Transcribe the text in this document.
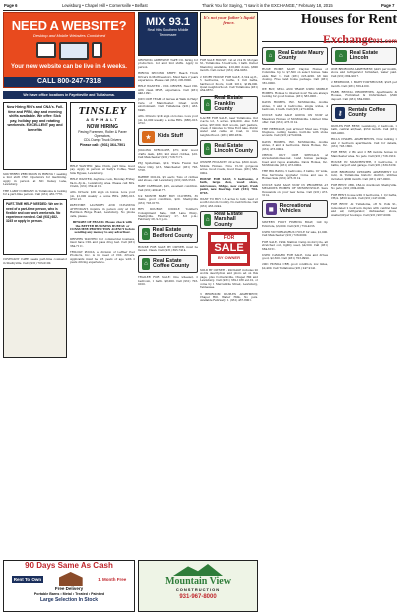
Page 6	Lewisburg • Chapel Hill • Cornersville • Belfast	Thank You for Saying, "I saw it in the EXCHANGE," February 18, 2015	Page 7
NEED A WEBSITE?
Desktop and Mobile Websites Combined
Your new website can be live in 4 weeks.
CALL 800-247-7318
We have office locations in Fayetteville and Tullahoma.
Now Hiring RN's and CNA's. Full-time and PRN, day and evening shifts available. We offer: Sick pay, holiday pay and rotating weekends. EXCELLENT pay and benefits
SOUTHERN PRECISION IS HIRING • seeking a 2nd shift CNC Operators for machining. Apply in person at 301 Kelsey Lane, Lewisburg.
THE LAMP COMPANY in Tullahoma is looking for a part-time person. Call (931) 455-7778.
PART-TIME HELP NEEDED: We are in need of a part-time person, who is flexible and can work weekends. No experience needed. Call (931) 682-3245 or apply in person.
COVENANT CARE seeks part-time counselor in Shelbyville. Call (931) 703-0100.
TINSLEY
ASPHALT
NOW HIRING
Paving Foremen, Roller & Paver Operators,
CDL Dump Truck Drivers
Please call: (931) 364-7501
HELP WANTED: Jake Chick, part time. Good pay. Apply in person at Sally's Coffee, West Side Bypass, Lewisburg.
HELP WANTED, daytime cook, Monday-Friday, 8a.m.-3p.m., Lewisburg area. Please call Mrs. Crabb, (931) 359-4112.
Attn. Drivers: $1K sign on bonus. Love your job. $1,000 weekly + some RWs. (888)-913-4722 x3.
PART-TIME LAUNDRY AND CLEANING ATTENDANT, inquire in person only at 120 Hardison Ridge Road, Lewisburg. No phone calls, please.
BEWARE OF FRAUD. Please check with the BETTER BUSINESS BUREAU or CONSUMER PROTECTION AGENCY before sending any money to any advertiser.
DRIVERS WANTED for commercial business, must have CDL and pass drug test. Call (931) 364-7111.
TRILOGY POOLS, a division of Leffner Pool Products, Inc. is in need of CDL drivers. Applicants must be 23 years of age with 2 years driving experience.
MIX 93.1
Real Hits Southern Middle Tennessee
GROWING ADHESIVE TAPE CO. hiring for production. 1st and 2nd shifts. Apply in person.
HIRING SECOND SHIFT: Beach Truck Drivers in Murfreesboro. Must have 2 years experience. Please call (931) 205-8000.
HELP WANTED - CDL DRIVER, Need CDL with clean MVR, experience. Call (931) 446-1091.
JOIN OUR TEAM of nurses at Walk in Help! Care of Manchester. Great work environment. Call Tullahoma (931) 453-6946.
Attn. Drivers: $1K sign on bonus. Love your job. $1,000 weekly + some RWs. (888)-913-4722.
★	Kids Stuff
JOGGING STROLLER, $75; kids' wood crafts desk, $30; kid sized clothes, $10. Call Manchester (931) 728-7171.
PSJ Spiderman, $12; Trade Fusion Set Show Only, $15, Manchester. (931) 728-5728.
BARBIE DOLLS, $5 each; Tons of clothes and shoes, call Lewisburg (931) 993-5516.
BABY CARRIAGE, $25, excellent condition. Call (931) 409-4177.
6-9 MONTH BABY BOY CLOTHES, 35 items, good condition, $20. Shelbyville (931) 703-0176.
HEY DOUBLE DIDDLE Toddler's Consignment Sale, 308 Lane Pkwy., Shelbyville. February 27, 8-6 p.m.; February 28, 9-3 p.m.
⌂
Real Estate Bedford County
HOUSE FOR SALE BY OWNER, must be moved. Clean. Call (931) 695-7414.
⌂
Real Estate Coffee County
TRAILER FOR SALE: One wheeled, 2 bedroom, 1 bath. $8,000. Call (931) 703-9100.
It's not your father's liquid fence.
FOR SALE HOUSE: 1st at 214 W. Morgan St., Tullahoma. 3 bedroom, 1 bath. Owner financing available, $10,000 down, $800 month. Call owner (931) 454-9932.
2 STORY HOUSE FOR SALE, 3,524 sq.ft., 5 bedrooms, 3 baths, 2 full baths, hardwood floors, built 2012, $199,000. Quiet neighborhood. Call Tullahoma (931) 434-9872.
⌂
Real Estate Franklin County
6-ACRE FOR SALE, near Tullahoma. Out 2-acre lot, 5 acres. $34,000. Also 6.83 acres, $67,000. Pert woods, part pasture, creek, 3 minutes to Tims Ford lake. Public water and cable at road, in nice neighborhood. (931) 968-9334.
⌂
Real Estate Lincoln County
OWNER FINANCE! 20 acres. $500 down. Mobile Homes. Nice 15-30 gorgeous acres. Good roads, Good trees. (931) 580-0004.
HOUSE FOR SALE, 3 bedrooms, 2 bath, large den, wood stove, microwave, fridge, new carpet, fresh paint, new flooring. Call (931) 704-8745.
WANT TO BUY 1-5 acres to rent, west or south Lincoln County. No restrictions. Call (931) 433-2244.
⌂
Real Estate Marshall County
FOR
SALE
BY OWNER
SOLD BY OWNER - PACKAGE includes 20 words description and photo ad on this page, plus Cornersville, Chapel Hill and Lewisburg. Call (931) 359-1188 ext.10, or come by 1 Mercantile Street, Lewisburg, Tennessee.
3 BEDROOM DUPLEX APARTMENT, Chapel Hill. Water Hills, No pets. Available February 1. (931) 437-8001.
Houses for Rent
Exchange931.com
⌂
Real Estate Maury County
HUGE HOME SALE! Clayton Homes of Columbia. Up to $7,500 on select homes. Sale ends Mar. 1. Call (931) 223-4200. $8 min closing. Free land home package. Call (931) 381-0000.
WE BUY, SELL AND TRADE USED MOBILE HOMES. Homes to interest now! We are always looking for good homes. (931) 583-0001.
DAVIS HOMES, INC. McMinnville, double wides, 3 and 4 bedrooms, single wides, 4 bedroom, 2 bath. Call (931) 473-0004.
UNCLE SAM SALE GOING ON NOW at Meadows Homes of McMinnville. Limited time offer. Call (931) 473-3114.
THE HERITAGE, just arrived! Must see. Triple fireplace, ceiling beams, built-ins with stone accents. Call (931) 473-0004.
DAVIS HOMES, INC. McMinnville, double wides, 3 and 4 bedrooms. Davis Homes, Inc. (931) 473-0004.
CHECK OUT OUR SPECIALS at www.davishomes.net. Land homes package. Used and repos available. Davis Homes, Inc. McMinnville (931) 473-0004.
THE BIG BANG, 5 bedrooms, 3 baths, 10' wide, free hurricane upgrade! Come and see it. Homes Sale (931) 473-3114.
UNCLE SAM SALE NOW IN PROGRESS AT MEADOWS HOMES OF MCMINNVILLE. Save thousands on your new home. Call (931) 473-3114.
◼
Recreational Vehicles
SIXTEEN FOOT FISHING BOAT, 140 hp Evinrude, $3,000. Call (931) 759-4233.
USED VICTORIAN/BUS CYCLE for sale, $1,900. Call Manchester (931) 728-0000.
FOR SALE, 1994 Stallion Camp motorcycle, all stretched out, lightly used, $4,500. Call (931) 684-6151.
USED CAMARO FOR SALE, runs and drives good, $2,500. Call (931) 703-9990.
2001 HONDA CBR, good condition, low miles, $2,400. Call Tullahoma (931) 247-9141.
⌂
Real Estate Lincoln
ONE BEDROOM APARTMENT, $425 per month, stove and refrigerator furnished, water paid. Call (931) 684-9917.
2 BEDROOM, 1 BATH TOWNHOUSE, $525 per month. Call (931) 359-4100.
FARR, RENTAL PROPERTIES, Apartments & Houses, Furnished & Unfurnished. $500 deposit. Call (931) 684-8000.
⚷
Rentals Coffee County
DUPLEX FOR RENT, Lewisburg, 2 bedroom, 1 bath, central air/heat, $550 month. Call (931) 993-4000.
HILLS CHAPEL APARTMENTS, Now renting 1 and 2 bedroom apartments. Call for details, (931) 728-1800.
FOR RENT, 2 Bb and 2 BR mobile homes in Manchester area. No pets. Call (931) 728-1910.
HOUSE IN MANCHESTER, 3 bedrooms, 2 baths, carport and garage. Call (931) 639-5239.
ONE BEDROOM UPSTAIRS APARTMENT for rent, in Tullahoma historic district, utilities included. $600 month. Call (931) 247-0000.
FOR RENT: 2BD, 1BA in downtown Shelbyville. No pets. (931) 684-0000.
FOR RENT, house with 3 bedrooms, 1 1/2 baths, CH/A. $850 month. Call (931) 247-0000.
FOR RENT: At Tullahoma, off N. Polk St., remodeled 2 bedroom duplex with central heat and air, refrigerator, dishwasher, stove, washer/dryer hookups. Call (931) 967-0000.
90 Days Same As Cash
Rent To Own	1 Month Free
Free Delivery
Portable Barns • Metal • Treated • Painted
Large Selection In Stock
Mountain View
CONSTRUCTION
931-967-8000
